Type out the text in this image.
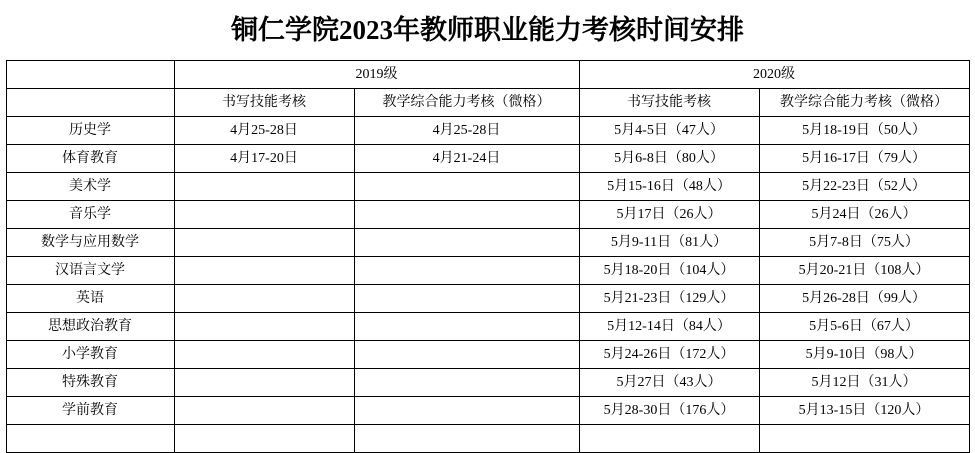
铜仁学院2023年教师职业能力考核时间安排
	2019级		2020级	
	书写技能考核	教学综合能力考核（微格）	书写技能考核	教学综合能力考核（微格）
历史学	4月25-28日	4月25-28日	5月4-5日（47人）	5月18-19日（50人）
体育教育	4月17-20日	4月21-24日	5月6-8日（80人）	5月16-17日（79人）
美术学			5月15-16日（48人）	5月22-23日（52人）
音乐学			5月17日（26人）	5月24日（26人）
数学与应用数学			5月9-11日（81人）	5月7-8日（75人）
汉语言文学			5月18-20日（104人）	5月20-21日（108人）
英语			5月21-23日（129人）	5月26-28日（99人）
思想政治教育			5月12-14日（84人）	5月5-6日（67人）
小学教育			5月24-26日（172人）	5月9-10日（98人）
特殊教育			5月27日（43人）	5月12日（31人）
学前教育			5月28-30日（176人）	5月13-15日（120人）
